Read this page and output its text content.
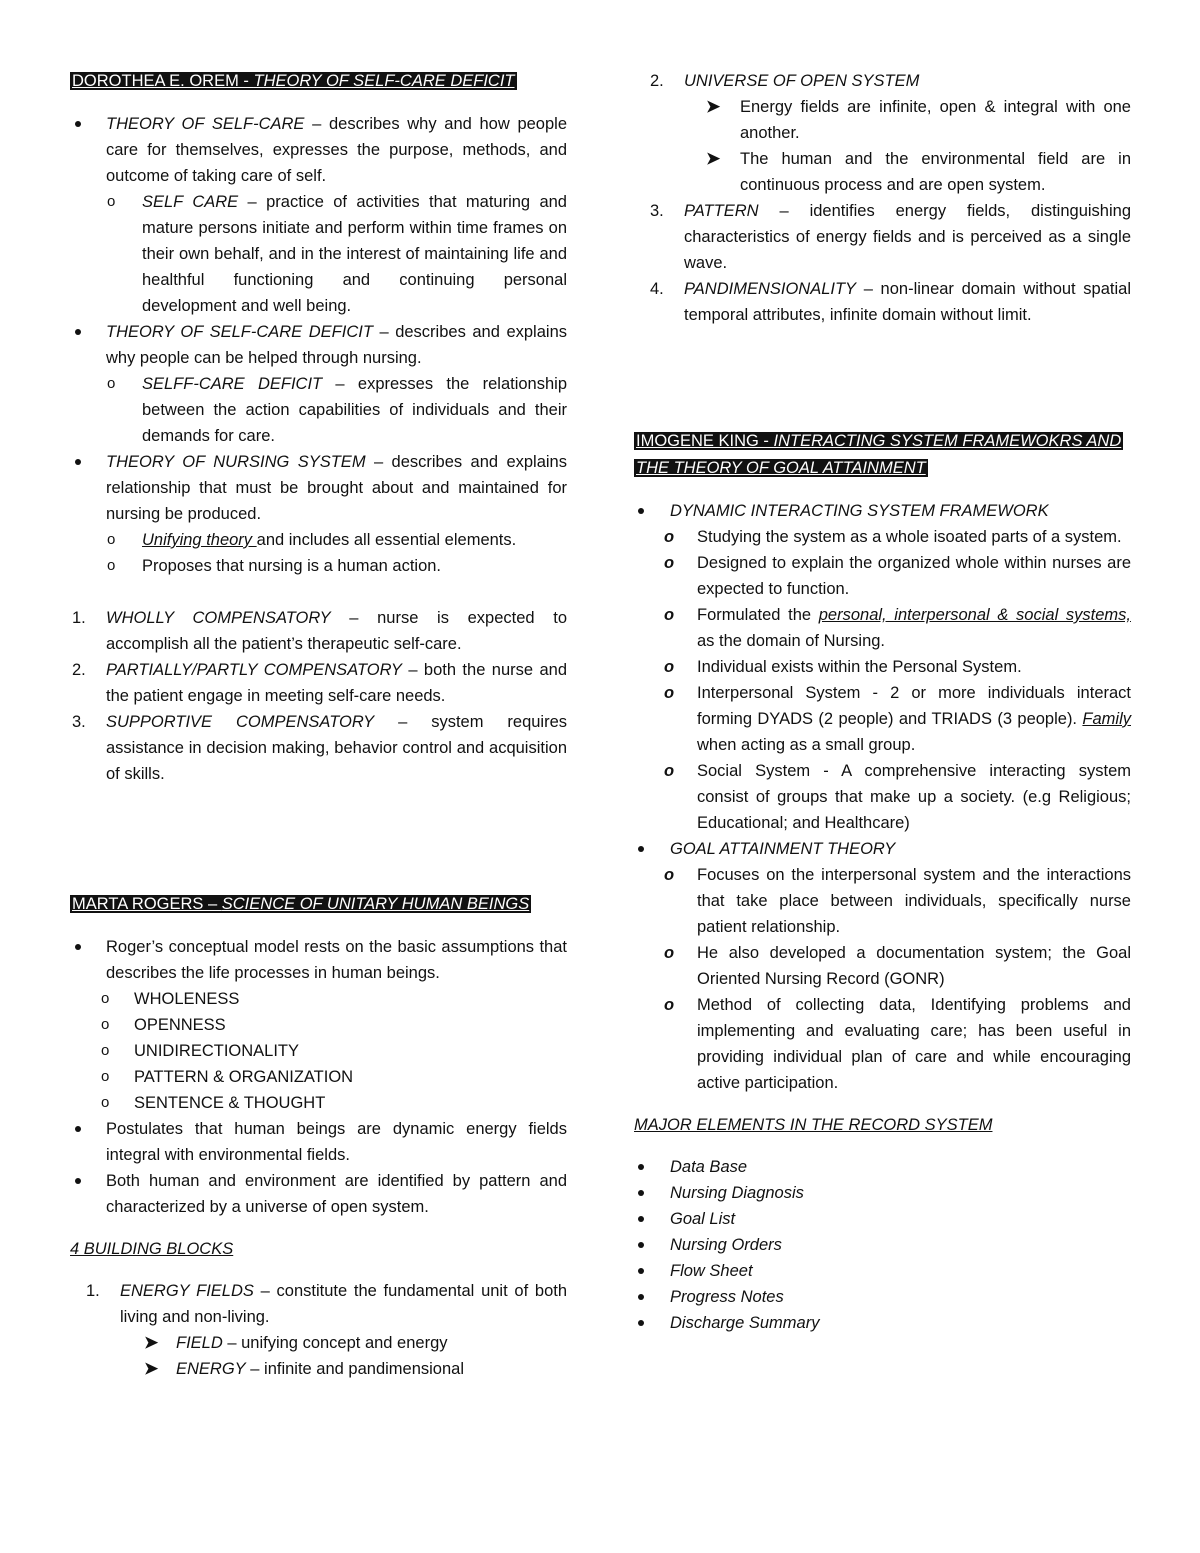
DOROTHEA E. OREM - THEORY OF SELF-CARE DEFICIT
THEORY OF SELF-CARE – describes why and how people care for themselves, expresses the purpose, methods, and outcome of taking care of self.
o SELF CARE – practice of activities that maturing and mature persons initiate and perform within time frames on their own behalf, and in the interest of maintaining life and healthful functioning and continuing personal development and well being.
THEORY OF SELF-CARE DEFICIT – describes and explains why people can be helped through nursing.
o SELFF-CARE DEFICIT – expresses the relationship between the action capabilities of individuals and their demands for care.
THEORY OF NURSING SYSTEM – describes and explains relationship that must be brought about and maintained for nursing be produced.
o Unifying theory and includes all essential elements.
o Proposes that nursing is a human action.
1. WHOLLY COMPENSATORY – nurse is expected to accomplish all the patient’s therapeutic self-care.
2. PARTIALLY/PARTLY COMPENSATORY – both the nurse and the patient engage in meeting self-care needs.
3. SUPPORTIVE COMPENSATORY – system requires assistance in decision making, behavior control and acquisition of skills.
MARTA ROGERS – SCIENCE OF UNITARY HUMAN BEINGS
Roger’s conceptual model rests on the basic assumptions that describes the life processes in human beings.
o WHOLENESS
o OPENNESS
o UNIDIRECTIONALITY
o PATTERN & ORGANIZATION
o SENTENCE & THOUGHT
Postulates that human beings are dynamic energy fields integral with environmental fields.
Both human and environment are identified by pattern and characterized by a universe of open system.
4 BUILDING BLOCKS
1. ENERGY FIELDS – constitute the fundamental unit of both living and non-living.
➤ FIELD – unifying concept and energy
➤ ENERGY – infinite and pandimensional
2. UNIVERSE OF OPEN SYSTEM
➤ Energy fields are infinite, open & integral with one another.
➤ The human and the environmental field are in continuous process and are open system.
3. PATTERN – identifies energy fields, distinguishing characteristics of energy fields and is perceived as a single wave.
4. PANDIMENSIONALITY – non-linear domain without spatial temporal attributes, infinite domain without limit.
IMOGENE KING - INTERACTING SYSTEM FRAMEWOKRS AND THE THEORY OF GOAL ATTAINMENT
DYNAMIC INTERACTING SYSTEM FRAMEWORK
o Studying the system as a whole isoated parts of a system.
o Designed to explain the organized whole within nurses are expected to function.
o Formulated the personal, interpersonal & social systems, as the domain of Nursing.
o Individual exists within the Personal System.
o Interpersonal System - 2 or more individuals interact forming DYADS (2 people) and TRIADS (3 people). Family when acting as a small group.
o Social System - A comprehensive interacting system consist of groups that make up a society. (e.g Religious; Educational; and Healthcare)
GOAL ATTAINMENT THEORY
o Focuses on the interpersonal system and the interactions that take place between individuals, specifically nurse patient relationship.
o He also developed a documentation system; the Goal Oriented Nursing Record (GONR)
o Method of collecting data, Identifying problems and implementing and evaluating care; has been useful in providing individual plan of care and while encouraging active participation.
MAJOR ELEMENTS IN THE RECORD SYSTEM
Data Base
Nursing Diagnosis
Goal List
Nursing Orders
Flow Sheet
Progress Notes
Discharge Summary
